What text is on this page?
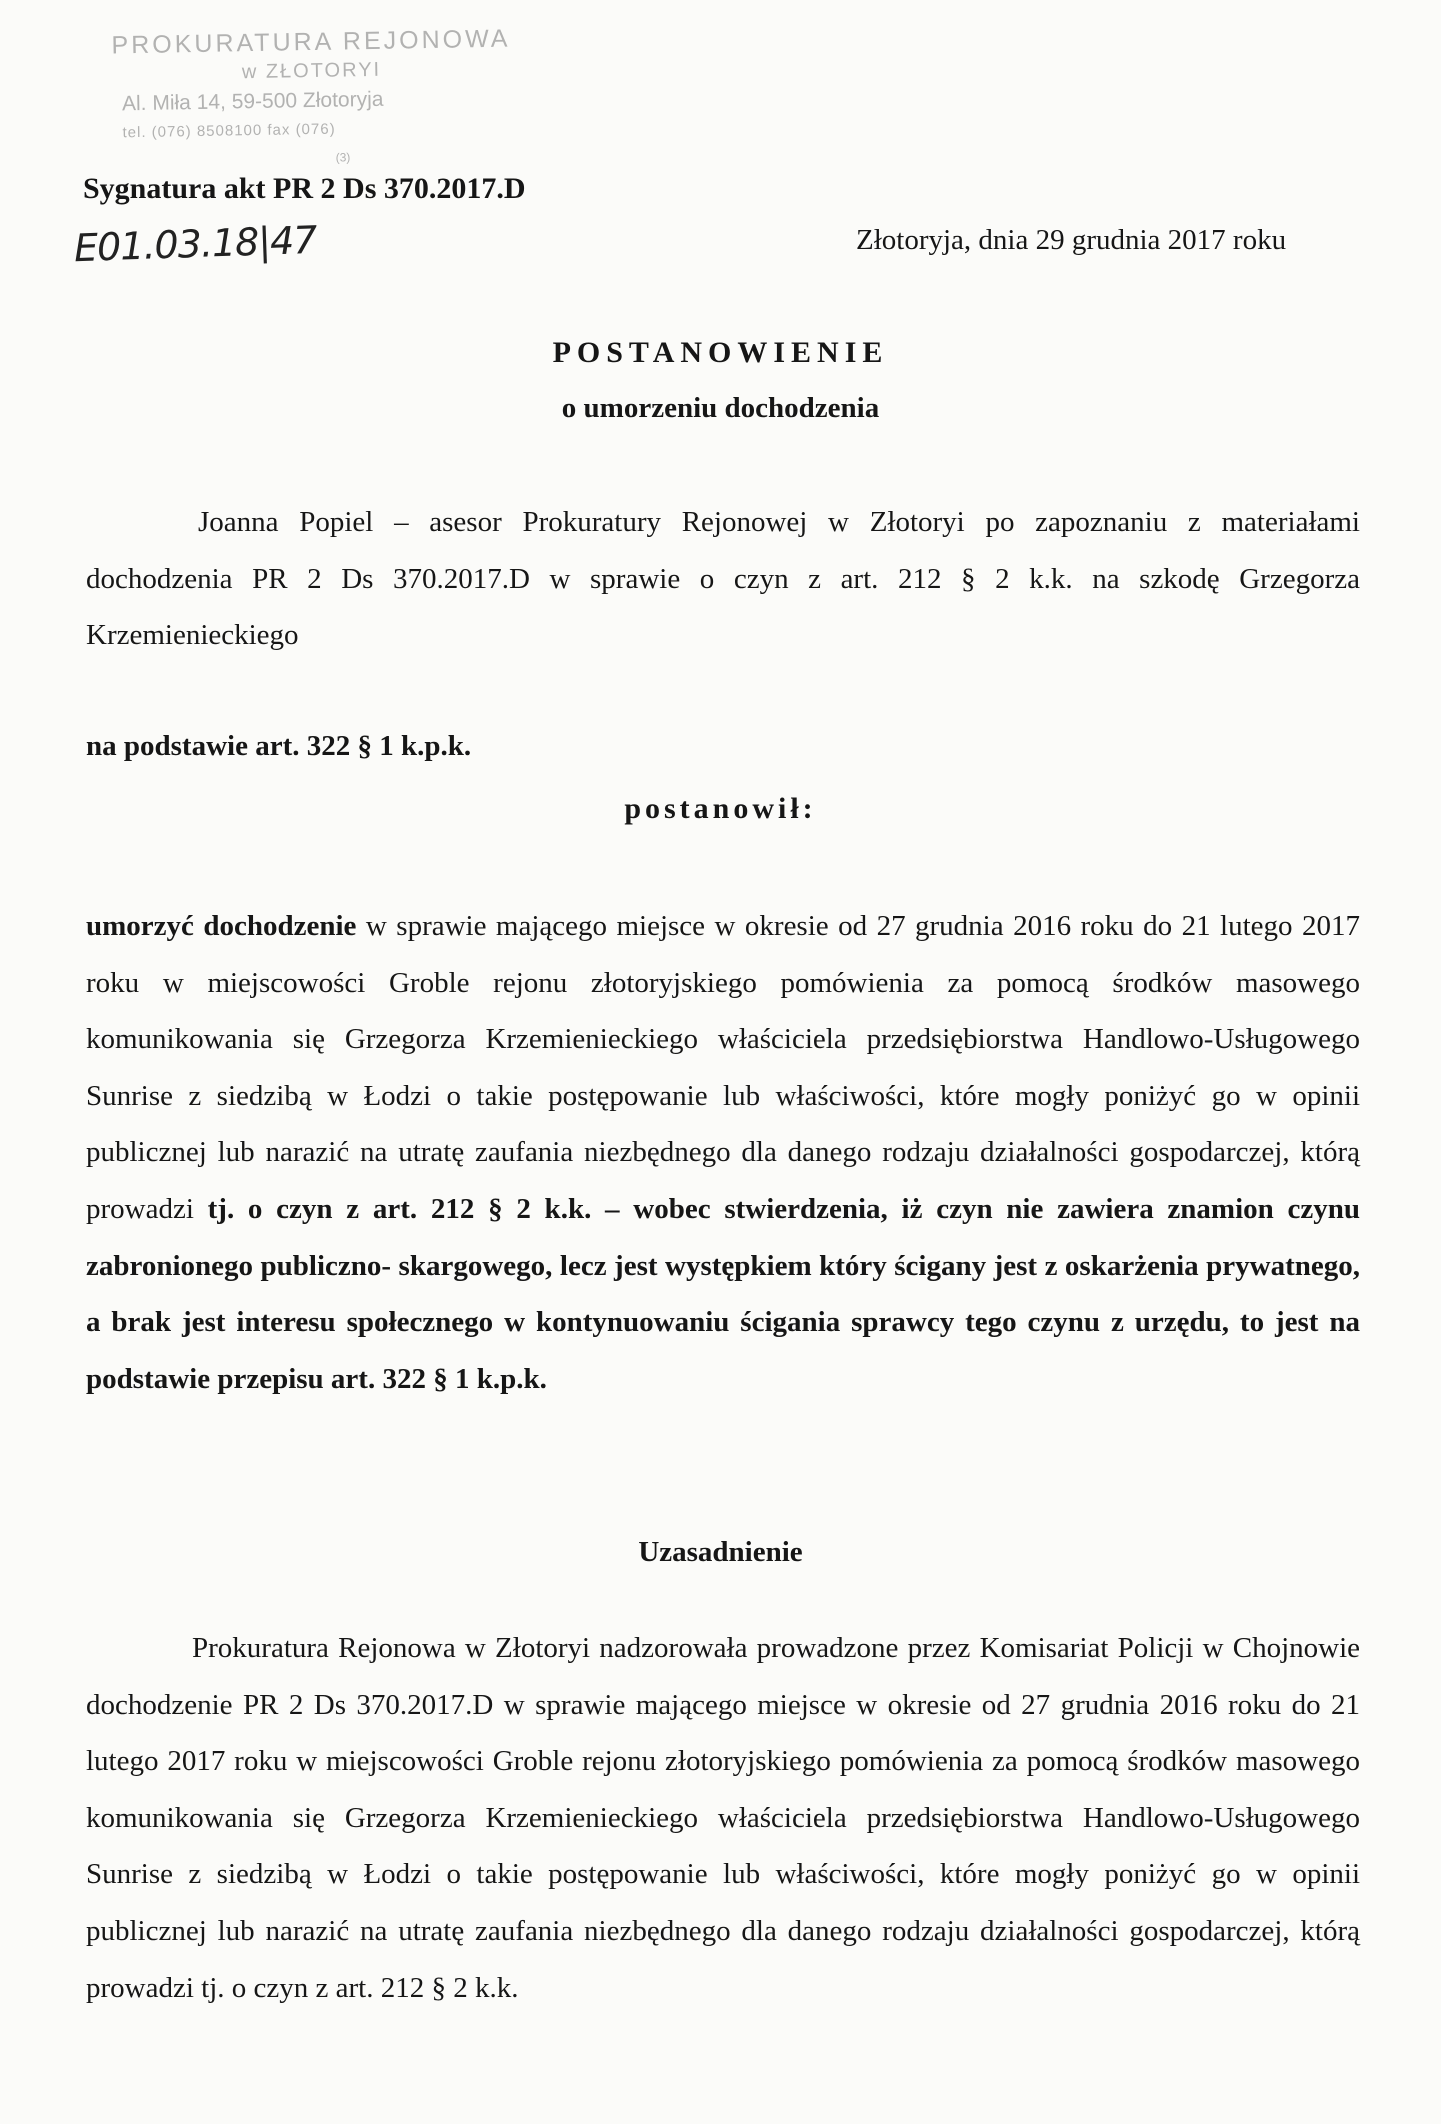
PROKURATURA REJONOWA
w ZŁOTORYI
Al. Miła 14, 59-500 Złotoryja
tel. (076) 8508100 fax (076)
(3)
Sygnatura akt PR 2 Ds 370.2017.D
E01.03.18|47	Złotoryja, dnia 29 grudnia 2017 roku
POSTANOWIENIE
o umorzeniu dochodzenia
Joanna Popiel – asesor Prokuratury Rejonowej w Złotoryi po zapoznaniu z materiałami dochodzenia PR 2 Ds 370.2017.D w sprawie o czyn z art. 212 § 2 k.k. na szkodę Grzegorza Krzemienieckiego
na podstawie art. 322 § 1 k.p.k.
postanowił:
umorzyć dochodzenie w sprawie mającego miejsce w okresie od 27 grudnia 2016 roku do 21 lutego 2017 roku w miejscowości Groble rejonu złotoryjskiego pomówienia za pomocą środków masowego komunikowania się Grzegorza Krzemienieckiego właściciela przedsiębiorstwa Handlowo-Usługowego Sunrise z siedzibą w Łodzi o takie postępowanie lub właściwości, które mogły poniżyć go w opinii publicznej lub narazić na utratę zaufania niezbędnego dla danego rodzaju działalności gospodarczej, którą prowadzi tj. o czyn z art. 212 § 2 k.k. – wobec stwierdzenia, iż czyn nie zawiera znamion czynu zabronionego publiczno- skargowego, lecz jest występkiem który ścigany jest z oskarżenia prywatnego, a brak jest interesu społecznego w kontynuowaniu ścigania sprawcy tego czynu z urzędu, to jest na podstawie przepisu art. 322 § 1 k.p.k.
Uzasadnienie
Prokuratura Rejonowa w Złotoryi nadzorowała prowadzone przez Komisariat Policji w Chojnowie dochodzenie PR 2 Ds 370.2017.D w sprawie mającego miejsce w okresie od 27 grudnia 2016 roku do 21 lutego 2017 roku w miejscowości Groble rejonu złotoryjskiego pomówienia za pomocą środków masowego komunikowania się Grzegorza Krzemienieckiego właściciela przedsiębiorstwa Handlowo-Usługowego Sunrise z siedzibą w Łodzi o takie postępowanie lub właściwości, które mogły poniżyć go w opinii publicznej lub narazić na utratę zaufania niezbędnego dla danego rodzaju działalności gospodarczej, którą prowadzi tj. o czyn z art. 212 § 2 k.k.
